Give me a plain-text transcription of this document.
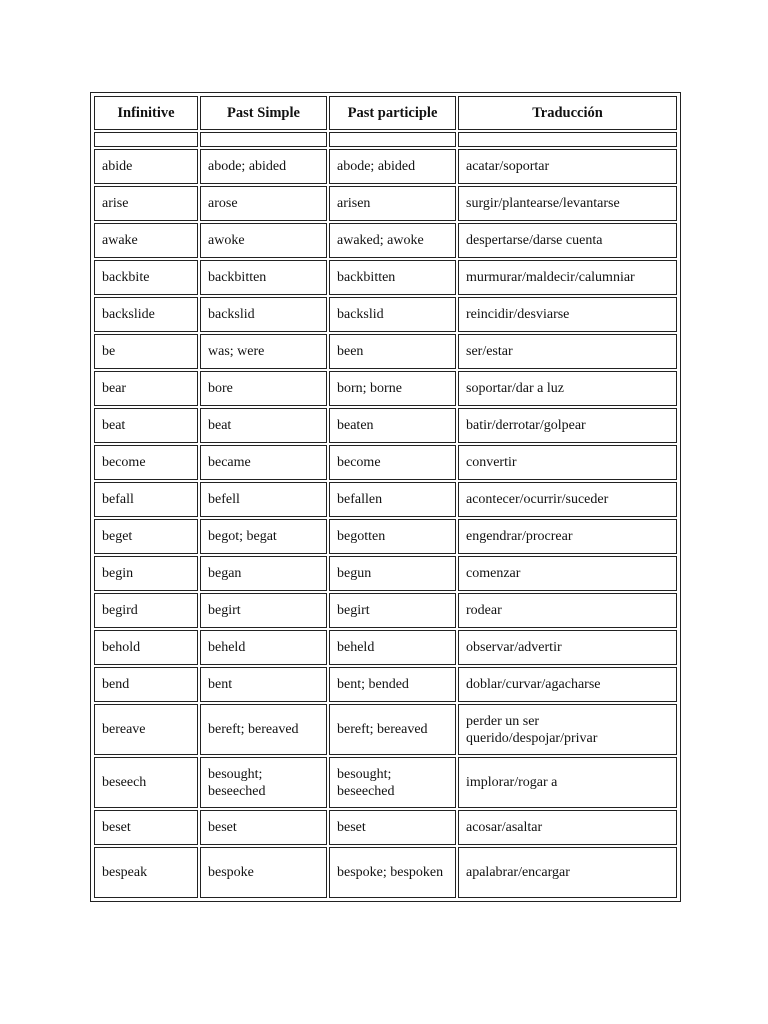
Infinitive	Past Simple	Past participle	Traducción

abide	abode; abided	abode; abided	acatar/soportar
arise	arose	arisen	surgir/plantearse/levantarse
awake	awoke	awaked; awoke	despertarse/darse cuenta
backbite	backbitten	backbitten	murmurar/maldecir/calumniar
backslide	backslid	backslid	reincidir/desviarse
be	was; were	been	ser/estar
bear	bore	born; borne	soportar/dar a luz
beat	beat	beaten	batir/derrotar/golpear
become	became	become	convertir
befall	befell	befallen	acontecer/ocurrir/suceder
beget	begot; begat	begotten	engendrar/procrear
begin	began	begun	comenzar
begird	begirt	begirt	rodear
behold	beheld	beheld	observar/advertir
bend	bent	bent; bended	doblar/curvar/agacharse
bereave	bereft; bereaved	bereft; bereaved	perder un ser querido/despojar/privar
beseech	besought; beseeched	besought; beseeched	implorar/rogar a
beset	beset	beset	acosar/asaltar
bespeak	bespoke	bespoke; bespoken	apalabrar/encargar
